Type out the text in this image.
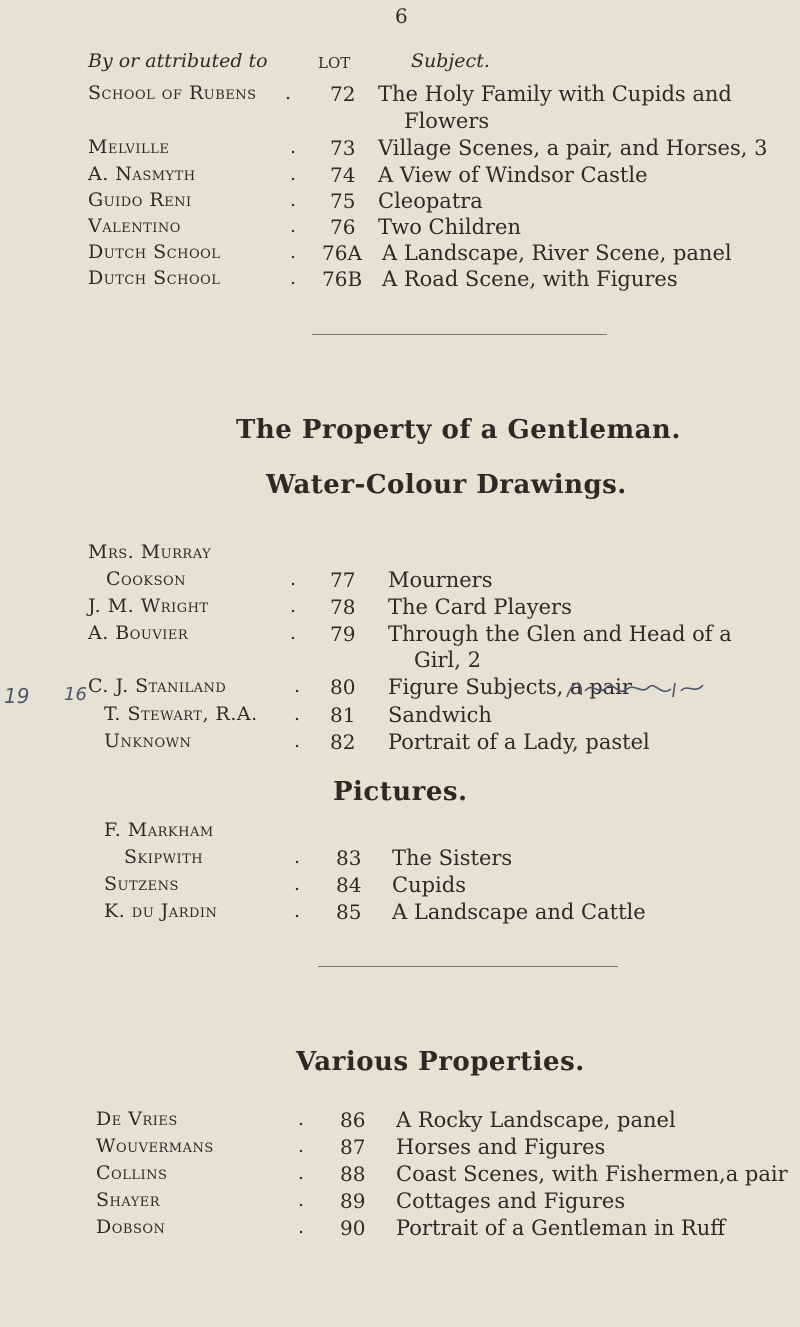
6
By or attributed to	LOT	Subject.
School of Rubens . 72	The Holy Family with Cupids and
Flowers
Melville	. 73	Village Scenes, a pair, and Horses, 3
A. Nasmyth	. 74	A View of Windsor Castle
Guido Reni	. 75	Cleopatra
Valentino	. 76	Two Children
Dutch School	. 76A A Landscape, River Scene, panel
Dutch School	. 76B A Road Scene, with Figures
The Property of a Gentleman.
Water-Colour Drawings.
Mrs. Murray
Cookson	. 77	Mourners
J. M. Wright	. 78	The Card Players
A. Bouvier	. 79	Through the Glen and Head of a
Girl, 2
C. J. Staniland	. 80	Figure Subjects, a pair
T. Stewart, R.A. . 81	Sandwich
Unknown	. 82	Portrait of a Lady, pastel
19 16
Pictures.
F. Markham
Skipwith	. 83	The Sisters
Sutzens	. 84	Cupids
K. du Jardin	. 85	A Landscape and Cattle
Various Properties.
De Vries	. 86	A Rocky Landscape, panel
Wouvermans	. 87	Horses and Figures
Collins	. 88	Coast Scenes, with Fishermen,a pair
Shayer	. 89	Cottages and Figures
Dobson	. 90	Portrait of a Gentleman in Ruff
